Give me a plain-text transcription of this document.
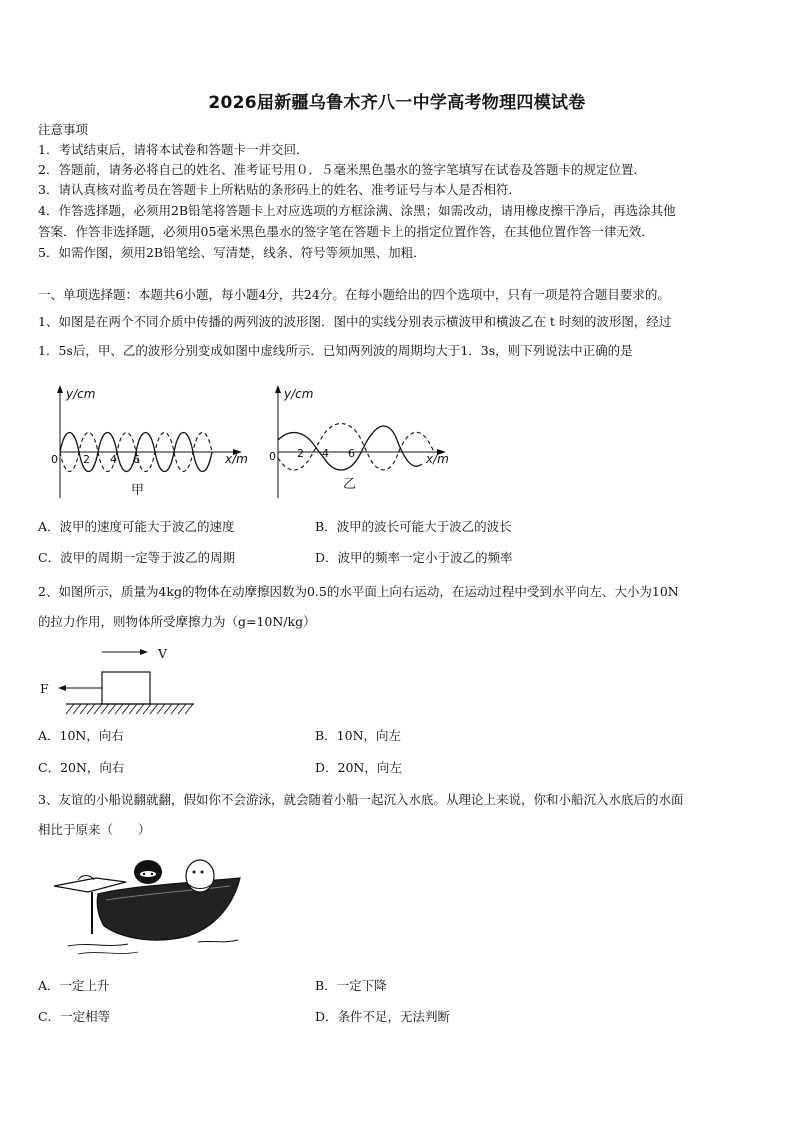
2026届新疆乌鲁木齐八一中学高考物理四模试卷
注意事项
1．考试结束后，请将本试卷和答题卡一并交回．
2．答题前，请务必将自己的姓名、准考证号用０．５毫米黑色墨水的签字笔填写在试卷及答题卡的规定位置．
3．请认真核对监考员在答题卡上所粘贴的条形码上的姓名、准考证号与本人是否相符．
4．作答选择题，必须用2B铅笔将答题卡上对应选项的方框涂满、涂黑；如需改动，请用橡皮擦干净后，再选涂其他
答案．作答非选择题，必须用05毫米黑色墨水的签字笔在答题卡上的指定位置作答，在其他位置作答一律无效．
5．如需作图，须用2B铅笔绘、写清楚，线条、符号等须加黑、加粗．
一、单项选择题：本题共6小题，每小题4分，共24分。在每小题给出的四个选项中，只有一项是符合题目要求的。
1、如图是在两个不同介质中传播的两列波的波形图．图中的实线分别表示横波甲和横波乙在 t 时刻的波形图，经过
1．5s后，甲、乙的波形分别变成如图中虚线所示．已知两列波的周期均大于1．3s，则下列说法中正确的是
y/cm
x/m
0 2 4 6
甲
y/cm
x/m
0 2 4 6
乙
A．波甲的速度可能大于波乙的速度	B．波甲的波长可能大于波乙的波长
C．波甲的周期一定等于波乙的周期	D．波甲的频率一定小于波乙的频率
2、如图所示，质量为4kg的物体在动摩擦因数为0.5的水平面上向右运动，在运动过程中受到水平向左、大小为10N
的拉力作用，则物体所受摩擦力为（g=10N/kg）
V
F
A．10N，向右	B．10N，向左
C．20N，向右	D．20N，向左
3、友谊的小船说翻就翻，假如你不会游泳，就会随着小船一起沉入水底。从理论上来说，你和小船沉入水底后的水面
相比于原来（　　）
A．一定上升	B．一定下降
C．一定相等	D．条件不足，无法判断
